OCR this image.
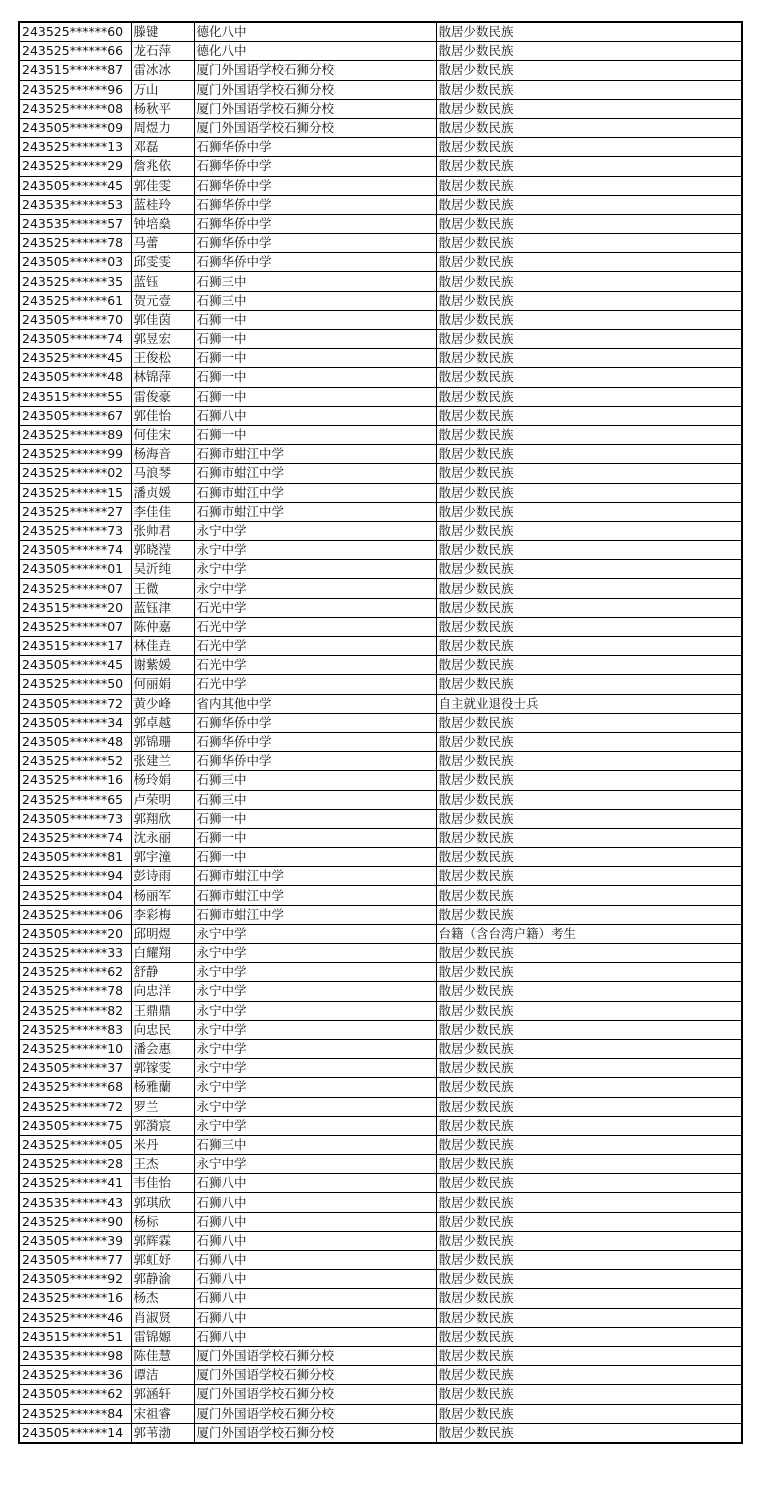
243525******60	滕键	德化八中	散居少数民族
243525******66	龙石萍	德化八中	散居少数民族
243515******87	雷冰冰	厦门外国语学校石狮分校	散居少数民族
243525******96	万山	厦门外国语学校石狮分校	散居少数民族
243525******08	杨秋平	厦门外国语学校石狮分校	散居少数民族
243505******09	周煜力	厦门外国语学校石狮分校	散居少数民族
243525******13	邓磊	石狮华侨中学	散居少数民族
243525******29	詹兆依	石狮华侨中学	散居少数民族
243505******45	郭佳雯	石狮华侨中学	散居少数民族
243535******53	蓝桂玲	石狮华侨中学	散居少数民族
243535******57	钟培燊	石狮华侨中学	散居少数民族
243525******78	马蕾	石狮华侨中学	散居少数民族
243505******03	邱雯雯	石狮华侨中学	散居少数民族
243525******35	蓝钰	石狮三中	散居少数民族
243525******61	贺元壹	石狮三中	散居少数民族
243505******70	郭佳茵	石狮一中	散居少数民族
243505******74	郭昱宏	石狮一中	散居少数民族
243525******45	王俊松	石狮一中	散居少数民族
243505******48	林锦萍	石狮一中	散居少数民族
243515******55	雷俊豪	石狮一中	散居少数民族
243505******67	郭佳怡	石狮八中	散居少数民族
243525******89	何佳宋	石狮一中	散居少数民族
243525******99	杨海音	石狮市蚶江中学	散居少数民族
243525******02	马浪琴	石狮市蚶江中学	散居少数民族
243525******15	潘贞媛	石狮市蚶江中学	散居少数民族
243525******27	李佳佳	石狮市蚶江中学	散居少数民族
243525******73	张帅君	永宁中学	散居少数民族
243505******74	郭晓滢	永宁中学	散居少数民族
243505******01	吴沂纯	永宁中学	散居少数民族
243525******07	王微	永宁中学	散居少数民族
243515******20	蓝钰津	石光中学	散居少数民族
243525******07	陈仲嘉	石光中学	散居少数民族
243515******17	林佳垚	石光中学	散居少数民族
243505******45	谢紫媛	石光中学	散居少数民族
243525******50	何丽娟	石光中学	散居少数民族
243505******72	黄少峰	省内其他中学	自主就业退役士兵
243505******34	郭卓越	石狮华侨中学	散居少数民族
243505******48	郭锦珊	石狮华侨中学	散居少数民族
243525******52	张建兰	石狮华侨中学	散居少数民族
243525******16	杨玲娟	石狮三中	散居少数民族
243525******65	卢荣明	石狮三中	散居少数民族
243505******73	郭翔欣	石狮一中	散居少数民族
243525******74	沈永丽	石狮一中	散居少数民族
243505******81	郭宇潼	石狮一中	散居少数民族
243525******94	彭诗雨	石狮市蚶江中学	散居少数民族
243525******04	杨丽军	石狮市蚶江中学	散居少数民族
243525******06	李彩梅	石狮市蚶江中学	散居少数民族
243505******20	邱明煜	永宁中学	台籍（含台湾户籍）考生
243525******33	白耀翔	永宁中学	散居少数民族
243525******62	舒静	永宁中学	散居少数民族
243525******78	向忠洋	永宁中学	散居少数民族
243525******82	王鼎鼎	永宁中学	散居少数民族
243525******83	向忠民	永宁中学	散居少数民族
243525******10	潘会惠	永宁中学	散居少数民族
243505******37	郭镓雯	永宁中学	散居少数民族
243525******68	杨雅蘭	永宁中学	散居少数民族
243525******72	罗兰	永宁中学	散居少数民族
243505******75	郭漪宸	永宁中学	散居少数民族
243525******05	米丹	石狮三中	散居少数民族
243525******28	王杰	永宁中学	散居少数民族
243525******41	韦佳怡	石狮八中	散居少数民族
243535******43	郭琪欣	石狮八中	散居少数民族
243525******90	杨标	石狮八中	散居少数民族
243505******39	郭辉霖	石狮八中	散居少数民族
243505******77	郭虹妤	石狮八中	散居少数民族
243505******92	郭静渝	石狮八中	散居少数民族
243525******16	杨杰	石狮八中	散居少数民族
243525******46	肖淑贤	石狮八中	散居少数民族
243515******51	雷锦嫄	石狮八中	散居少数民族
243535******98	陈佳慧	厦门外国语学校石狮分校	散居少数民族
243525******36	谭洁	厦门外国语学校石狮分校	散居少数民族
243505******62	郭涵轩	厦门外国语学校石狮分校	散居少数民族
243525******84	宋祖睿	厦门外国语学校石狮分校	散居少数民族
243505******14	郭苇渤	厦门外国语学校石狮分校	散居少数民族
